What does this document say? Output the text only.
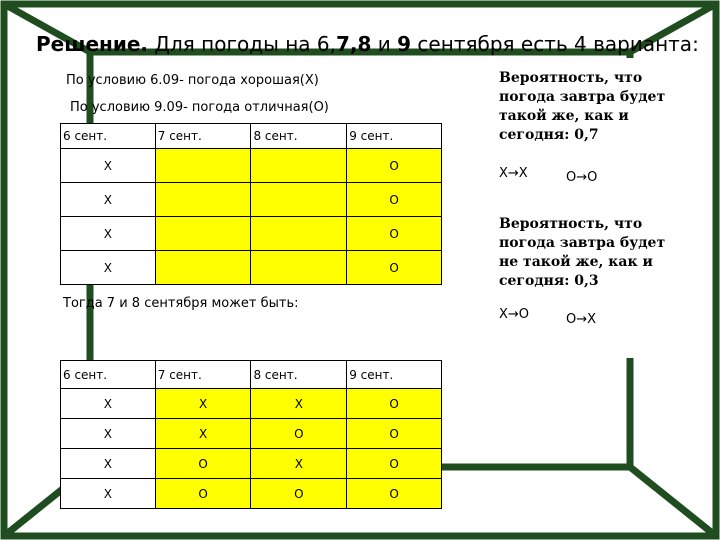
Решение. Для погоды на 6,7,8 и 9 сентября есть 4 варианта:
По условию 6.09- погода хорошая(Х)
По условию 9.09- погода отличная(О)
6 сент.	7 сент.	8 сент.	9 сент.
Х			О
Х			О
Х			О
Х			О
Тогда 7 и 8 сентября может быть:
6 сент.	7 сент.	8 сент.	9 сент.
Х	Х	Х	О
Х	Х	О	О
Х	О	Х	О
Х	О	О	О
Вероятность, что
погода завтра будет
такой же, как и
сегодня: 0,7
Х→Х	О→О
Вероятность, что
погода завтра будет
не такой же, как и
сегодня: 0,3
Х→О	О→Х
